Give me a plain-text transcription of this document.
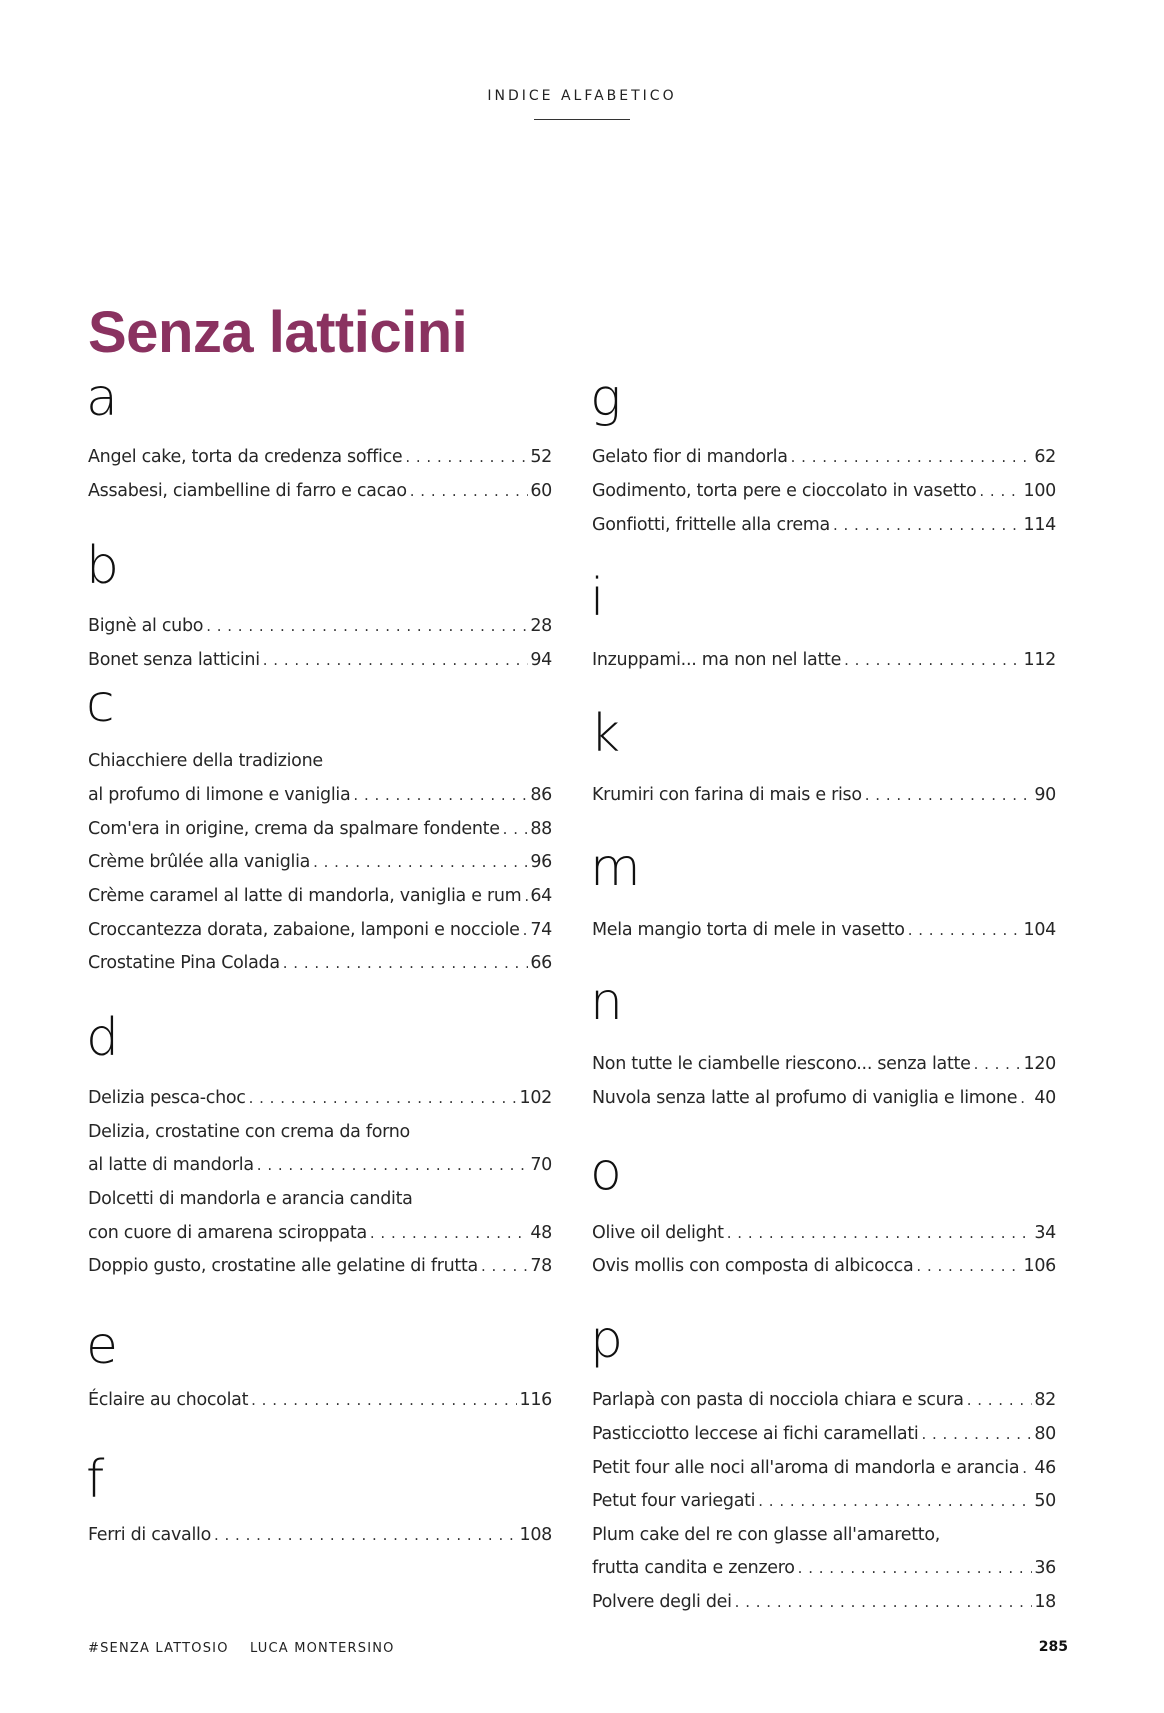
INDICE ALFABETICO
Senza latticini
a
Angel cake, torta da credenza soffice . . .	52
Assabesi, ciambelline di farro e cacao . . .	60
b
Bignè al cubo . . .	28
Bonet senza latticini . . .	94
c
Chiacchiere della tradizione
al profumo di limone e vaniglia . . .	86
Com'era in origine, crema da spalmare fondente . . . 88
Crème brûlée alla vaniglia . . .	96
Crème caramel al latte di mandorla, vaniglia e rum . . . 64
Croccantezza dorata, zabaione, lamponi e nocciole . . . 74
Crostatine Pina Colada . . .	66
d
Delizia pesca-choc . . .	102
Delizia, crostatine con crema da forno
al latte di mandorla . . .	70
Dolcetti di mandorla e arancia candita
con cuore di amarena sciroppata . . .	48
Doppio gusto, crostatine alle gelatine di frutta . . .	78
e
Éclaire au chocolat . . .	116
f
Ferri di cavallo . . .	108
g
Gelato fior di mandorla . . .	62
Godimento, torta pere e cioccolato in vasetto . . .	100
Gonfiotti, frittelle alla crema . . .	114
i
Inzuppami... ma non nel latte . . .	112
k
Krumiri con farina di mais e riso . . .	90
m
Mela mangio torta di mele in vasetto . . .	104
n
Non tutte le ciambelle riescono... senza latte . . .	120
Nuvola senza latte al profumo di vaniglia e limone . . . 40
o
Olive oil delight . . .	34
Ovis mollis con composta di albicocca . . .	106
p
Parlapà con pasta di nocciola chiara e scura . . .	82
Pasticciotto leccese ai fichi caramellati . . .	80
Petit four alle noci all'aroma di mandorla e arancia . . . 46
Petut four variegati . . .	50
Plum cake del re con glasse all'amaretto,
frutta candita e zenzero . . .	36
Polvere degli dei . . .	18
#SENZA LATTOSIO LUCA MONTERSINO	285
